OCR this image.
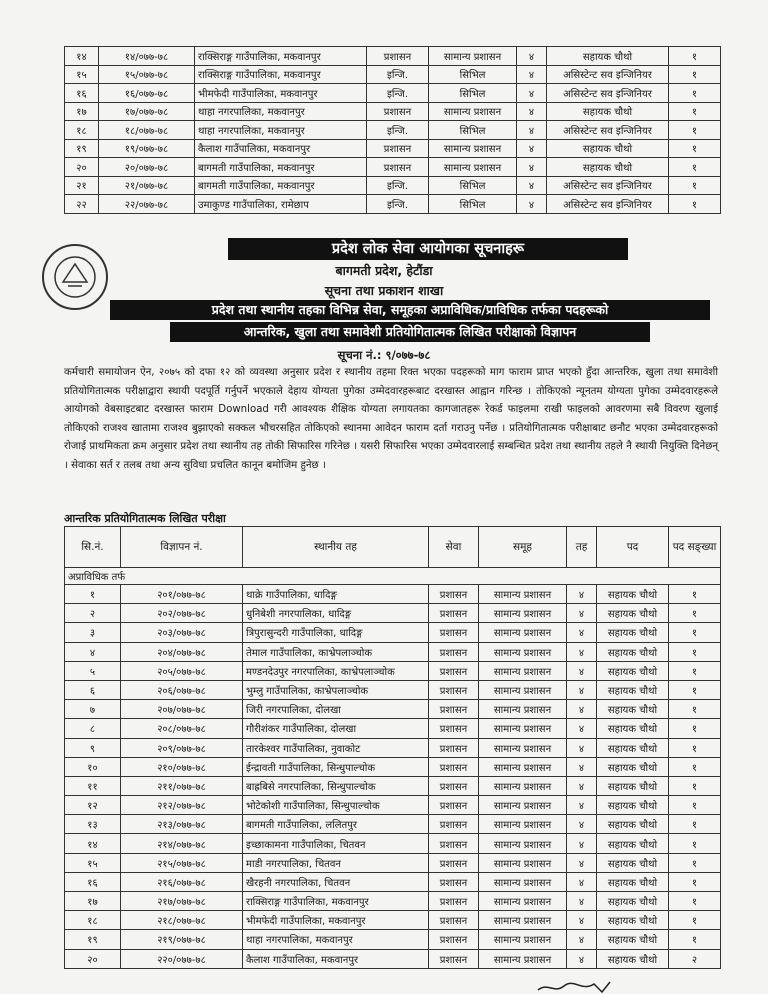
१४	१४/०७७-७८	राक्सिराङ्ग गाउँपालिका, मकवानपुर	प्रशासन	सामान्य प्रशासन	४	सहायक चौथो	१
१५	१५/०७७-७८	राक्सिराङ्ग गाउँपालिका, मकवानपुर	इन्जि.	सिभिल	४	असिस्टेन्ट सव इन्जिनियर	१
१६	१६/०७७-७८	भीमफेदी गाउँपालिका, मकवानपुर	इन्जि.	सिभिल	४	असिस्टेन्ट सव इन्जिनियर	१
१७	१७/०७७-७८	थाहा नगरपालिका, मकवानपुर	प्रशासन	सामान्य प्रशासन	४	सहायक चौथो	१
१८	१८/०७७-७८	थाहा नगरपालिका, मकवानपुर	इन्जि.	सिभिल	४	असिस्टेन्ट सव इन्जिनियर	१
१९	१९/०७७-७८	कैलाश गाउँपालिका, मकवानपुर	प्रशासन	सामान्य प्रशासन	४	सहायक चौथो	१
२०	२०/०७७-७८	बागमती गाउँपालिका, मकवानपुर	प्रशासन	सामान्य प्रशासन	४	सहायक चौथो	१
२१	२१/०७७-७८	बागमती गाउँपालिका, मकवानपुर	इन्जि.	सिभिल	४	असिस्टेन्ट सव इन्जिनियर	१
२२	२२/०७७-७८	उमाकुण्ड गाउँपालिका, रामेछाप	इन्जि.	सिभिल	४	असिस्टेन्ट सव इन्जिनियर	१
प्रदेश लोक सेवा आयोगका सूचनाहरू
बागमती प्रदेश, हेटौंडा
सूचना तथा प्रकाशन शाखा
प्रदेश तथा स्थानीय तहका विभिन्न सेवा, समूहका अप्राविधिक/प्राविधिक तर्फका पदहरूको
आन्तरिक, खुला तथा समावेशी प्रतियोगितात्मक लिखित परीक्षाको विज्ञापन
सूचना नं.: ९/०७७-७८
कर्मचारी समायोजन ऐन, २०७५ को दफा १२ को व्यवस्था अनुसार प्रदेश र स्थानीय तहमा रिक्त भएका पदहरूको माग फाराम प्राप्त भएको हुँदा आन्तरिक, खुला तथा समावेशी प्रतियोगितात्मक परीक्षाद्वारा स्थायी पदपूर्ति गर्नुपर्ने भएकाले देहाय योग्यता पुगेका उम्मेदवारहरूबाट दरखास्त आह्वान गरिन्छ । तोकिएको न्यूनतम योग्यता पुगेका उम्मेदवारहरूले आयोगको वेबसाइटबाट दरखास्त फाराम Download गरी आवश्यक शैक्षिक योग्यता लगायतका कागजातहरू रेकर्ड फाइलमा राखी फाइलको आवरणमा सबै विवरण खुलाई तोकिएको राजश्व खातामा राजश्व बुझाएको सक्कल भौचरसहित तोकिएको स्थानमा आवेदन फाराम दर्ता गराउनु पर्नेछ । प्रतियोगितात्मक परीक्षाबाट छनौट भएका उम्मेदवारहरूको रोजाई प्राथमिकता क्रम अनुसार प्रदेश तथा स्थानीय तह तोकी सिफारिस गरिनेछ । यसरी सिफारिस भएका उम्मेदवारलाई सम्बन्धित प्रदेश तथा स्थानीय तहले नै स्थायी नियुक्ति दिनेछन् । सेवाका सर्त र तलब तथा अन्य सुविधा प्रचलित कानून बमोजिम हुनेछ ।
आन्तरिक प्रतियोगितात्मक लिखित परीक्षा
सि.नं.	विज्ञापन नं.	स्थानीय तह	सेवा	समूह	तह	पद	पद सङ्ख्या
अप्राविधिक तर्फ							
१	२०१/०७७-७८	थाक्रे गाउँपालिका, धादिङ्ग	प्रशासन	सामान्य प्रशासन	४	सहायक चौथो	१
२	२०२/०७७-७८	धुनिबेशी नगरपालिका, धादिङ्ग	प्रशासन	सामान्य प्रशासन	४	सहायक चौथो	१
३	२०३/०७७-७८	त्रिपुरासुन्दरी गाउँपालिका, धादिङ्ग	प्रशासन	सामान्य प्रशासन	४	सहायक चौथो	१
४	२०४/०७७-७८	तेमाल गाउँपालिका, काभ्रेपलाञ्चोक	प्रशासन	सामान्य प्रशासन	४	सहायक चौथो	१
५	२०५/०७७-७८	मण्डनदेउपुर नगरपालिका, काभ्रेपलाञ्चोक	प्रशासन	सामान्य प्रशासन	४	सहायक चौथो	१
६	२०६/०७७-७८	भुम्लु गाउँपालिका, काभ्रेपलाञ्चोक	प्रशासन	सामान्य प्रशासन	४	सहायक चौथो	१
७	२०७/०७७-७८	जिरी नगरपालिका, दोलखा	प्रशासन	सामान्य प्रशासन	४	सहायक चौथो	१
८	२०८/०७७-७८	गौरीशंकर गाउँपालिका, दोलखा	प्रशासन	सामान्य प्रशासन	४	सहायक चौथो	१
९	२०९/०७७-७८	तारकेश्वर गाउँपालिका, नुवाकोट	प्रशासन	सामान्य प्रशासन	४	सहायक चौथो	१
१०	२१०/०७७-७८	ईन्द्रावती गाउँपालिका, सिन्धुपाल्चोक	प्रशासन	सामान्य प्रशासन	४	सहायक चौथो	१
११	२११/०७७-७८	बाह्रबिसे नगरपालिका, सिन्धुपाल्चोक	प्रशासन	सामान्य प्रशासन	४	सहायक चौथो	१
१२	२१२/०७७-७८	भोटेकोशी गाउँपालिका, सिन्धुपाल्चोक	प्रशासन	सामान्य प्रशासन	४	सहायक चौथो	१
१३	२१३/०७७-७८	बागमती गाउँपालिका, ललितपुर	प्रशासन	सामान्य प्रशासन	४	सहायक चौथो	१
१४	२१४/०७७-७८	इच्छाकामना गाउँपालिका, चितवन	प्रशासन	सामान्य प्रशासन	४	सहायक चौथो	१
१५	२१५/०७७-७८	माडी नगरपालिका, चितवन	प्रशासन	सामान्य प्रशासन	४	सहायक चौथो	१
१६	२१६/०७७-७८	खैरहनी नगरपालिका, चितवन	प्रशासन	सामान्य प्रशासन	४	सहायक चौथो	१
१७	२१७/०७७-७८	राक्सिराङ्ग गाउँपालिका, मकवानपुर	प्रशासन	सामान्य प्रशासन	४	सहायक चौथो	१
१८	२१८/०७७-७८	भीमफेदी गाउँपालिका, मकवानपुर	प्रशासन	सामान्य प्रशासन	४	सहायक चौथो	१
१९	२१९/०७७-७८	थाहा नगरपालिका, मकवानपुर	प्रशासन	सामान्य प्रशासन	४	सहायक चौथो	१
२०	२२०/०७७-७८	कैलाश गाउँपालिका, मकवानपुर	प्रशासन	सामान्य प्रशासन	४	सहायक चौथो	२
